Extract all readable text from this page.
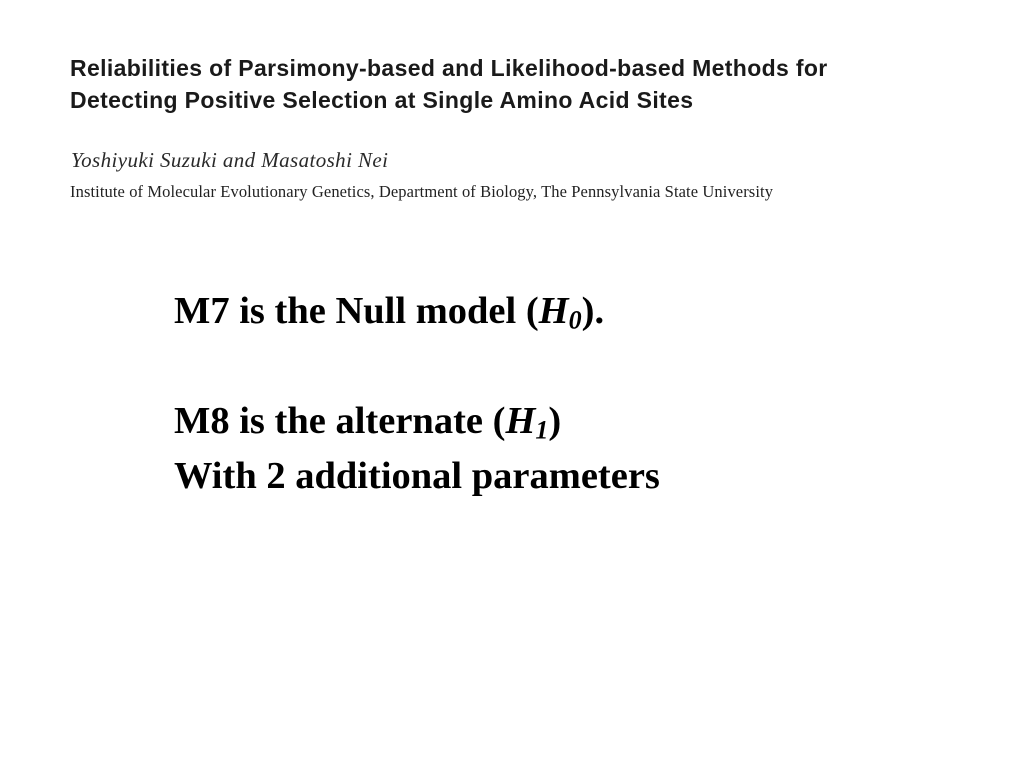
Reliabilities of Parsimony-based and Likelihood-based Methods for
Detecting Positive Selection at Single Amino Acid Sites

Yoshiyuki Suzuki and Masatoshi Nei

Institute of Molecular Evolutionary Genetics, Department of Biology, The Pennsylvania State University

M7 is the Null model $(H_0)$.
M8 is the alternate $(H_1)$
With 2 additional parameters
